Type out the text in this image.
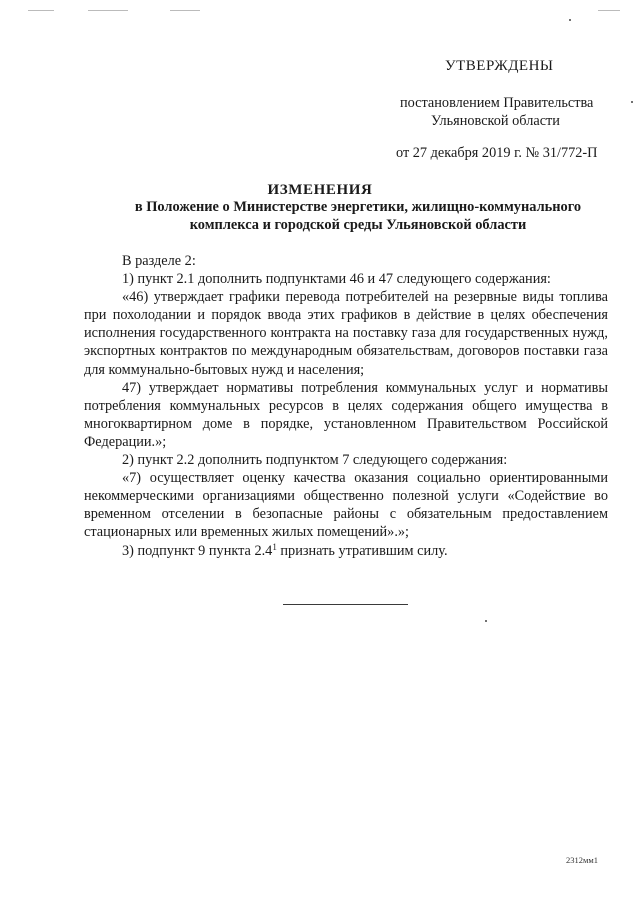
УТВЕРЖДЕНЫ
постановлением Правительства
Ульяновской области
от 27 декабря 2019 г. № 31/772-П
ИЗМЕНЕНИЯ
в Положение о Министерстве энергетики, жилищно-коммунального
комплекса и городской среды Ульяновской области

В разделе 2:

1) пункт 2.1 дополнить подпунктами 46 и 47 следующего содержания:

«46) утверждает графики перевода потребителей на резервные виды топлива при похолодании и порядок ввода этих графиков в действие в целях обеспечения исполнения государственного контракта на поставку газа для государственных нужд, экспортных контрактов по международным обязательствам, договоров поставки газа для коммунально-бытовых нужд и населения;

47) утверждает нормативы потребления коммунальных услуг и нормативы потребления коммунальных ресурсов в целях содержания общего имущества в многоквартирном доме в порядке, установленном Правительством Российской Федерации.»;

2) пункт 2.2 дополнить подпунктом 7 следующего содержания:

«7) осуществляет оценку качества оказания социально ориентированными некоммерческими организациями общественно полезной услуги «Содействие во временном отселении в безопасные районы с обязательным предоставлением стационарных или временных жилых помещений».»;

3) подпункт 9 пункта $2.4^1$ признать утратившим силу.

2312мм1
